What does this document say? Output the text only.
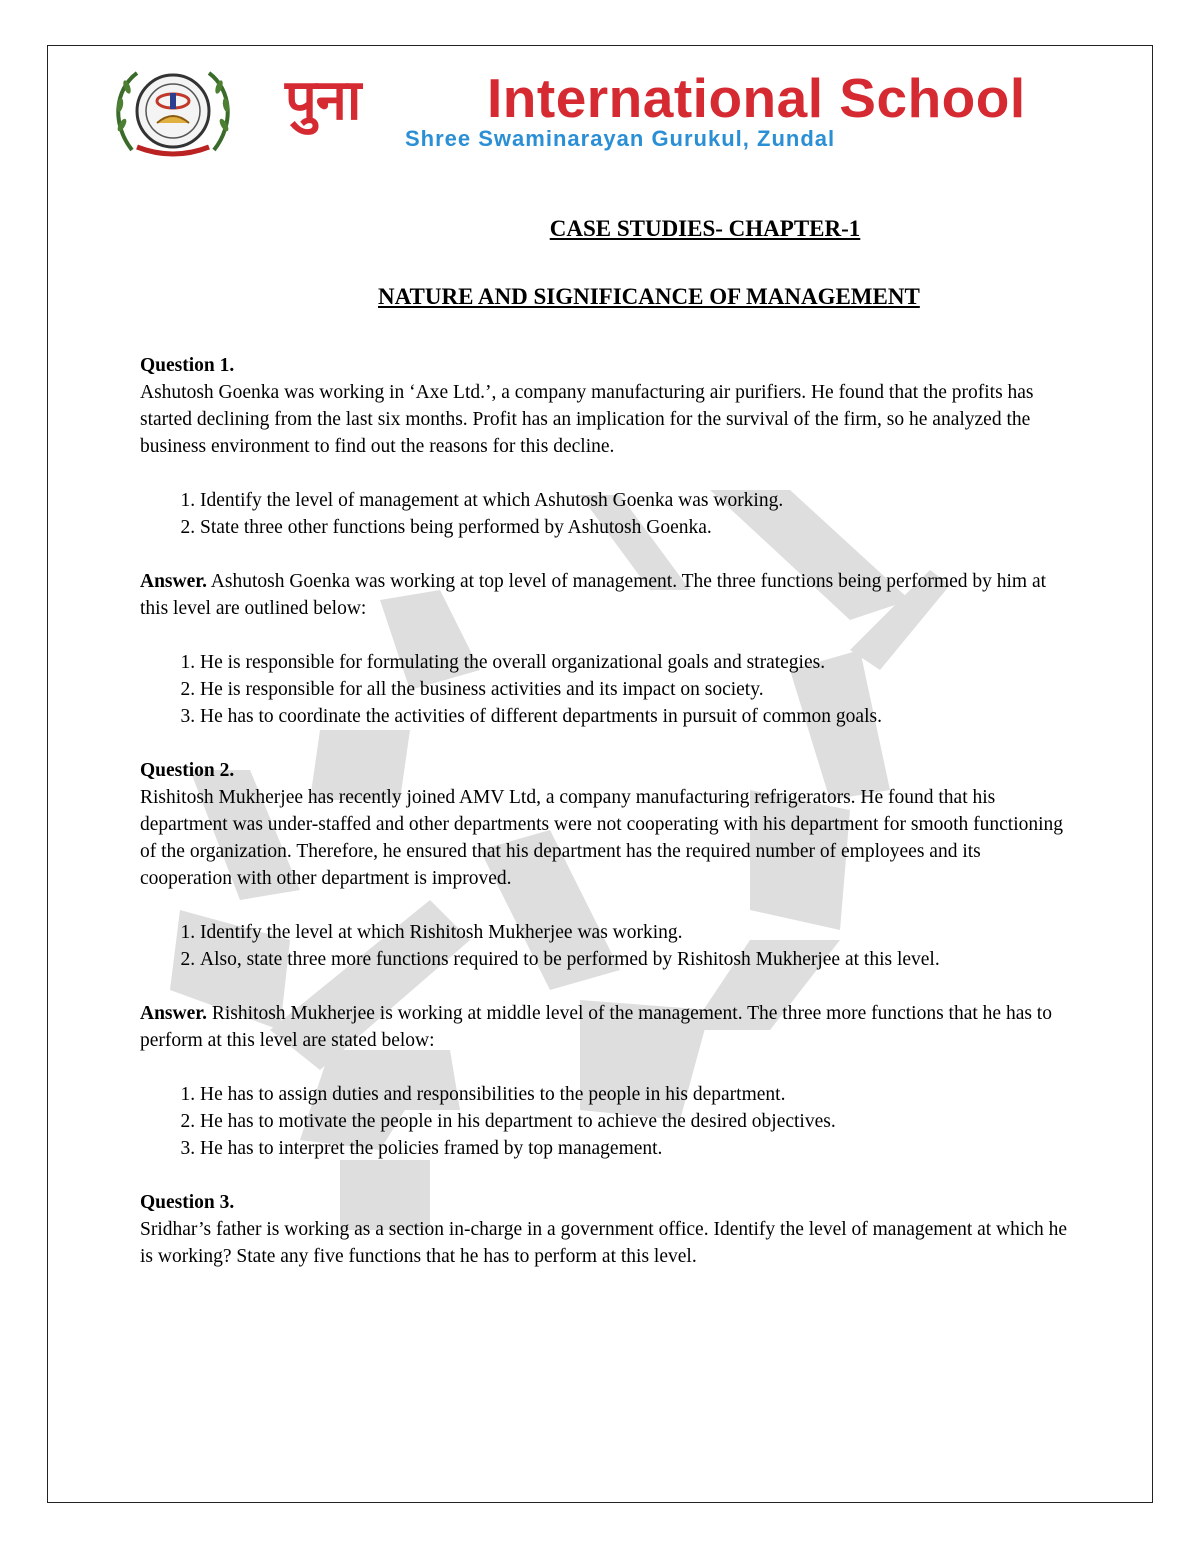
पुना International School
Shree Swaminarayan Gurukul, Zundal
CASE STUDIES- CHAPTER-1
NATURE AND SIGNIFICANCE OF MANAGEMENT

Question 1.

Ashutosh Goenka was working in ‘Axe Ltd.’, a company manufacturing air purifiers. He found that the profits has started declining from the last six months. Profit has an implication for the survival of the firm, so he analyzed the business environment to find out the reasons for this decline.

1. Identify the level of management at which Ashutosh Goenka was working.
2. State three other functions being performed by Ashutosh Goenka.

Answer. Ashutosh Goenka was working at top level of management. The three functions being performed by him at this level are outlined below:

1. He is responsible for formulating the overall organizational goals and strategies.
2. He is responsible for all the business activities and its impact on society.
3. He has to coordinate the activities of different departments in pursuit of common goals.

Question 2.

Rishitosh Mukherjee has recently joined AMV Ltd, a company manufacturing refrigerators. He found that his department was under-staffed and other departments were not cooperating with his department for smooth functioning of the organization. Therefore, he ensured that his department has the required number of employees and its cooperation with other department is improved.

1. Identify the level at which Rishitosh Mukherjee was working.
2. Also, state three more functions required to be performed by Rishitosh Mukherjee at this level.

Answer. Rishitosh Mukherjee is working at middle level of the management. The three more functions that he has to perform at this level are stated below:

1. He has to assign duties and responsibilities to the people in his department.
2. He has to motivate the people in his department to achieve the desired objectives.
3. He has to interpret the policies framed by top management.

Question 3.

Sridhar’s father is working as a section in-charge in a government office. Identify the level of management at which he is working? State any five functions that he has to perform at this level.
